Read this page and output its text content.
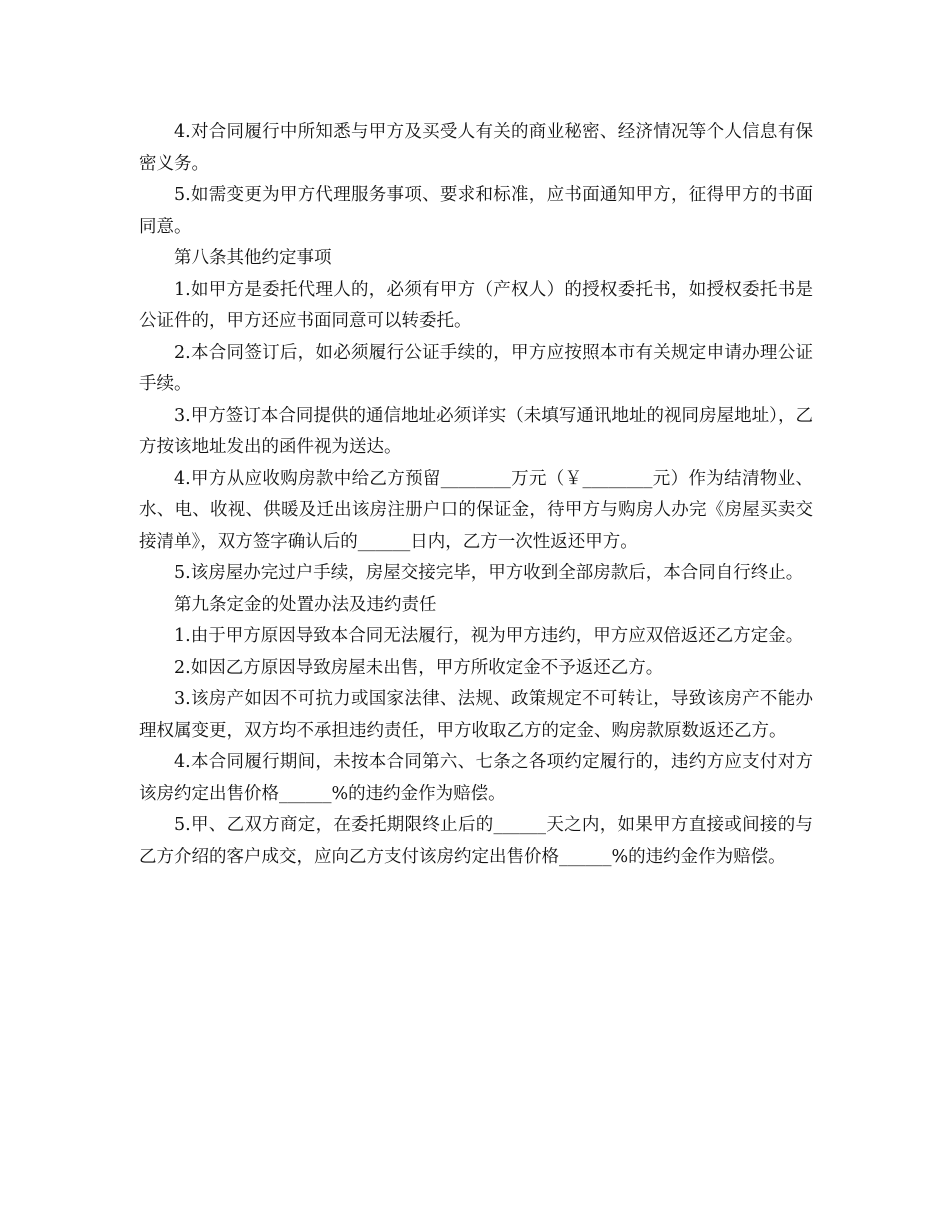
4.对合同履行中所知悉与甲方及买受人有关的商业秘密、经济情况等个人信息有保密义务。

5.如需变更为甲方代理服务事项、要求和标准，应书面通知甲方，征得甲方的书面同意。

第八条其他约定事项

1.如甲方是委托代理人的，必须有甲方（产权人）的授权委托书，如授权委托书是公证件的，甲方还应书面同意可以转委托。

2.本合同签订后，如必须履行公证手续的，甲方应按照本市有关规定申请办理公证手续。

3.甲方签订本合同提供的通信地址必须详实（未填写通讯地址的视同房屋地址），乙方按该地址发出的函件视为送达。

4.甲方从应收购房款中给乙方预留________万元（￥________元）作为结清物业、水、电、收视、供暖及迁出该房注册户口的保证金，待甲方与购房人办完《房屋买卖交接清单》，双方签字确认后的______日内，乙方一次性返还甲方。

5.该房屋办完过户手续，房屋交接完毕，甲方收到全部房款后，本合同自行终止。

第九条定金的处置办法及违约责任

1.由于甲方原因导致本合同无法履行，视为甲方违约，甲方应双倍返还乙方定金。

2.如因乙方原因导致房屋未出售，甲方所收定金不予返还乙方。

3.该房产如因不可抗力或国家法律、法规、政策规定不可转让，导致该房产不能办理权属变更，双方均不承担违约责任，甲方收取乙方的定金、购房款原数返还乙方。

4.本合同履行期间，未按本合同第六、七条之各项约定履行的，违约方应支付对方该房约定出售价格______%的违约金作为赔偿。

5.甲、乙双方商定，在委托期限终止后的______天之内，如果甲方直接或间接的与乙方介绍的客户成交，应向乙方支付该房约定出售价格______%的违约金作为赔偿。
